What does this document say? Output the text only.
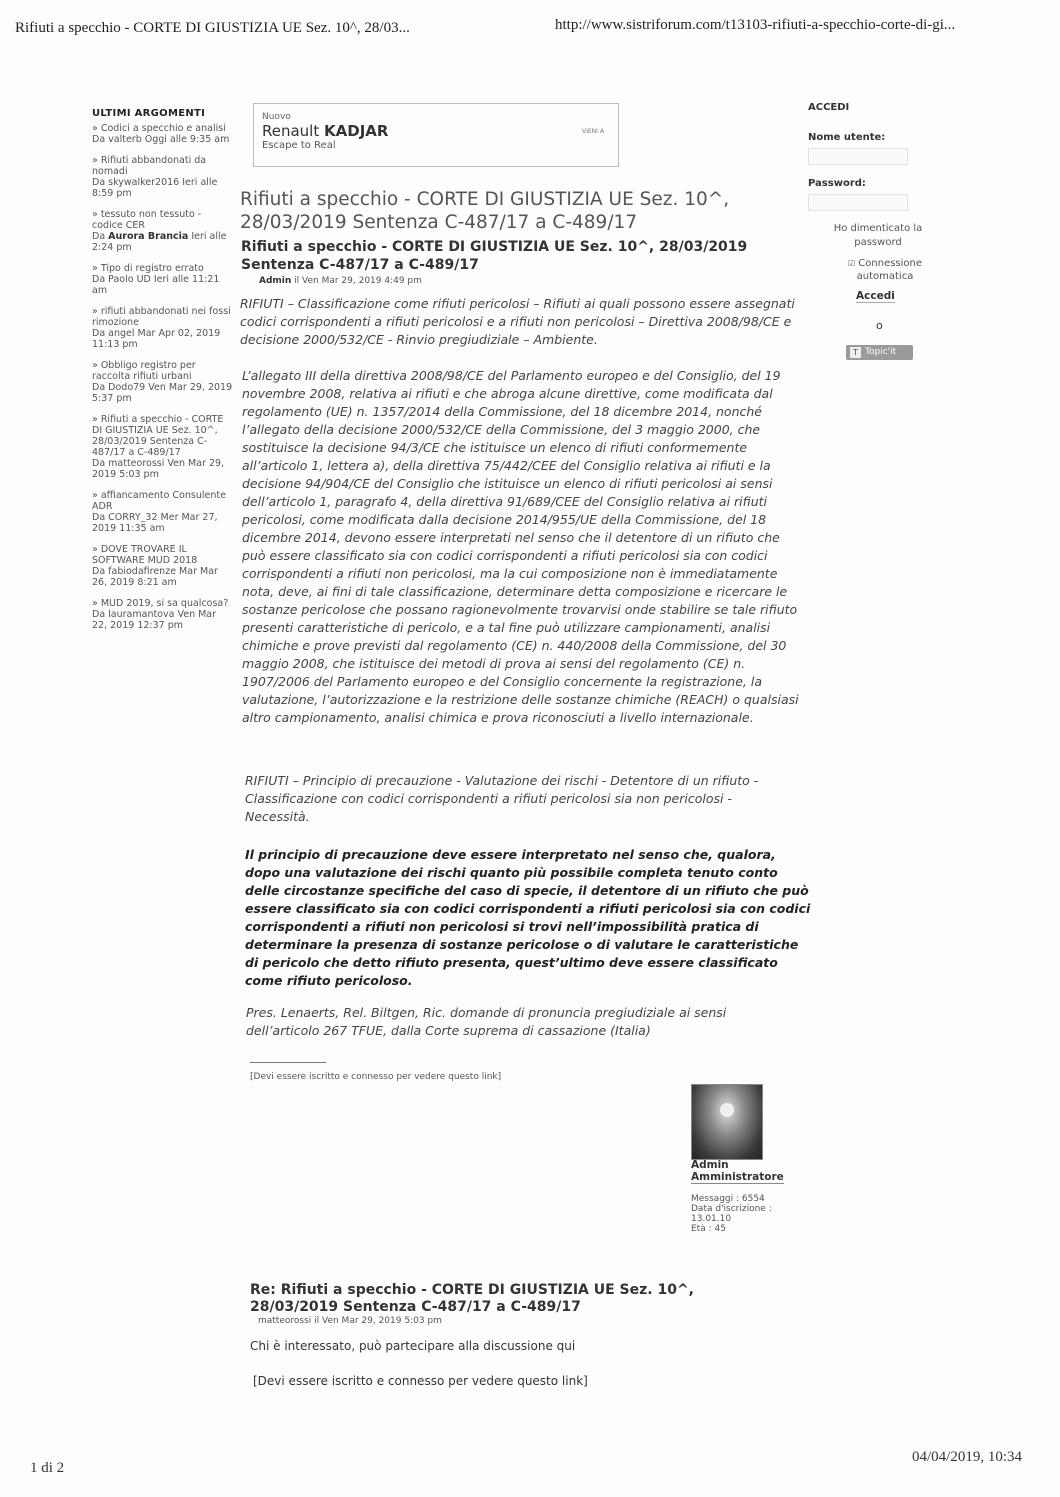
Rifiuti a specchio - CORTE DI GIUSTIZIA UE Sez. 10^, 28/03...	http://www.sistriforum.com/t13103-rifiuti-a-specchio-corte-di-gi...
ULTIMI ARGOMENTI
» Codici a specchio e analisi
Da valterb Oggi alle 9:35 am
» Rifiuti abbandonati da nomadi
Da skywalker2016 Ieri alle 8:59 pm
» tessuto non tessuto - codice CER
Da Aurora Brancia Ieri alle 2:24 pm
» Tipo di registro errato
Da Paolo UD Ieri alle 11:21 am
» rifiuti abbandonati nei fossi rimozione
Da angel Mar Apr 02, 2019 11:13 pm
» Obbligo registro per raccolta rifiuti urbani
Da Dodo79 Ven Mar 29, 2019 5:37 pm
» Rifiuti a specchio - CORTE DI GIUSTIZIA UE Sez. 10^, 28/03/2019 Sentenza C-487/17 a C-489/17
Da matteorossi Ven Mar 29, 2019 5:03 pm
» affiancamento Consulente ADR
Da CORRY_32 Mer Mar 27, 2019 11:35 am
» DOVE TROVARE IL SOFTWARE MUD 2018
Da fabiodafirenze Mar Mar 26, 2019 8:21 am
» MUD 2019, si sa qualcosa?
Da lauramantova Ven Mar 22, 2019 12:37 pm
Nuovo
Renault KADJAR
Escape to Real
VIENI A
ACCEDI
Nome utente:
Password:
Ho dimenticato la password
☑ Connessione automatica
Accedi
o
T Topic'it
Rifiuti a specchio - CORTE DI GIUSTIZIA UE Sez. 10^, 28/03/2019 Sentenza C-487/17 a C-489/17
Rifiuti a specchio - CORTE DI GIUSTIZIA UE Sez. 10^, 28/03/2019 Sentenza C-487/17 a C-489/17
Admin il Ven Mar 29, 2019 4:49 pm
RIFIUTI – Classificazione come rifiuti pericolosi – Rifiuti ai quali possono essere assegnati codici corrispondenti a rifiuti pericolosi e a rifiuti non pericolosi – Direttiva 2008/98/CE e decisione 2000/532/CE - Rinvio pregiudiziale – Ambiente.
L’allegato III della direttiva 2008/98/CE del Parlamento europeo e del Consiglio, del 19 novembre 2008, relativa ai rifiuti e che abroga alcune direttive, come modificata dal regolamento (UE) n. 1357/2014 della Commissione, del 18 dicembre 2014, nonché l’allegato della decisione 2000/532/CE della Commissione, del 3 maggio 2000, che sostituisce la decisione 94/3/CE che istituisce un elenco di rifiuti conformemente all’articolo 1, lettera a), della direttiva 75/442/CEE del Consiglio relativa ai rifiuti e la decisione 94/904/CE del Consiglio che istituisce un elenco di rifiuti pericolosi ai sensi dell’articolo 1, paragrafo 4, della direttiva 91/689/CEE del Consiglio relativa ai rifiuti pericolosi, come modificata dalla decisione 2014/955/UE della Commissione, del 18 dicembre 2014, devono essere interpretati nel senso che il detentore di un rifiuto che può essere classificato sia con codici corrispondenti a rifiuti pericolosi sia con codici corrispondenti a rifiuti non pericolosi, ma la cui composizione non è immediatamente nota, deve, ai fini di tale classificazione, determinare detta composizione e ricercare le sostanze pericolose che possano ragionevolmente trovarvisi onde stabilire se tale rifiuto presenti caratteristiche di pericolo, e a tal fine può utilizzare campionamenti, analisi chimiche e prove previsti dal regolamento (CE) n. 440/2008 della Commissione, del 30 maggio 2008, che istituisce dei metodi di prova ai sensi del regolamento (CE) n. 1907/2006 del Parlamento europeo e del Consiglio concernente la registrazione, la valutazione, l’autorizzazione e la restrizione delle sostanze chimiche (REACH) o qualsiasi altro campionamento, analisi chimica e prova riconosciuti a livello internazionale.
RIFIUTI – Principio di precauzione - Valutazione dei rischi - Detentore di un rifiuto - Classificazione con codici corrispondenti a rifiuti pericolosi sia non pericolosi - Necessità.
Il principio di precauzione deve essere interpretato nel senso che, qualora, dopo una valutazione dei rischi quanto più possibile completa tenuto conto delle circostanze specifiche del caso di specie, il detentore di un rifiuto che può essere classificato sia con codici corrispondenti a rifiuti pericolosi sia con codici corrispondenti a rifiuti non pericolosi si trovi nell’impossibilità pratica di determinare la presenza di sostanze pericolose o di valutare le caratteristiche di pericolo che detto rifiuto presenta, quest’ultimo deve essere classificato come rifiuto pericoloso.
Pres. Lenaerts, Rel. Biltgen, Ric. domande di pronuncia pregiudiziale ai sensi dell’articolo 267 TFUE, dalla Corte suprema di cassazione (Italia)
[Devi essere iscritto e connesso per vedere questo link]
Admin
Amministratore
Messaggi : 6554
Data d'iscrizione :
13.01.10
Età : 45
Re: Rifiuti a specchio - CORTE DI GIUSTIZIA UE Sez. 10^, 28/03/2019 Sentenza C-487/17 a C-489/17
matteorossi il Ven Mar 29, 2019 5:03 pm
Chi è interessato, può partecipare alla discussione qui
[Devi essere iscritto e connesso per vedere questo link]
1 di 2
04/04/2019, 10:34
